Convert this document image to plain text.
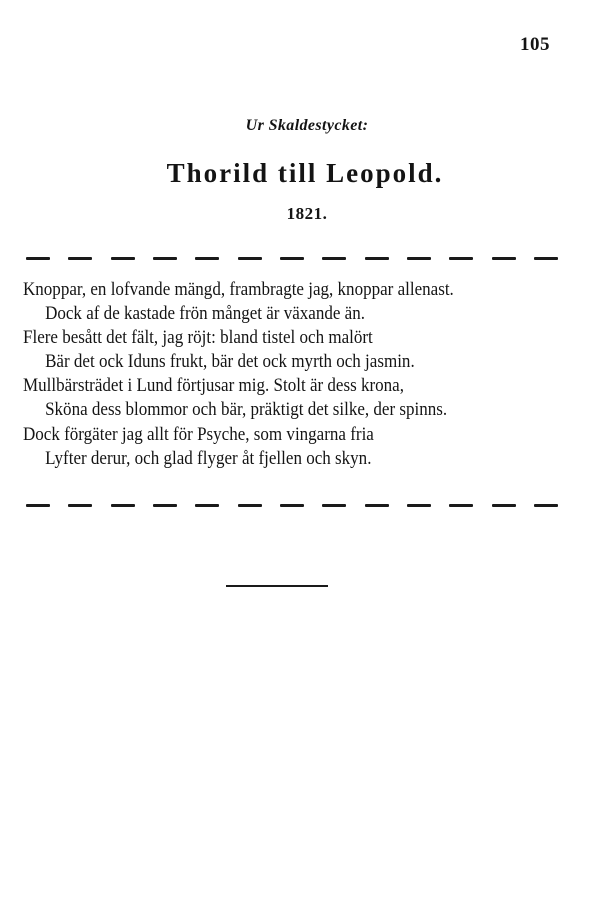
105
Ur Skaldestycket:
Thorild till Leopold.
1821.
Knoppar, en lofvande mängd, frambragte jag, knoppar allenast.
Dock af de kastade frön månget är växande än.
Flere besått det fält, jag röjt: bland tistel och malört
Bär det ock Iduns frukt, bär det ock myrth och jasmin.
Mullbärsträdet i Lund förtjusar mig. Stolt är dess krona,
Sköna dess blommor och bär, präktigt det silke, der spinns.
Dock förgäter jag allt för Psyche, som vingarna fria
Lyfter derur, och glad flyger åt fjellen och skyn.
